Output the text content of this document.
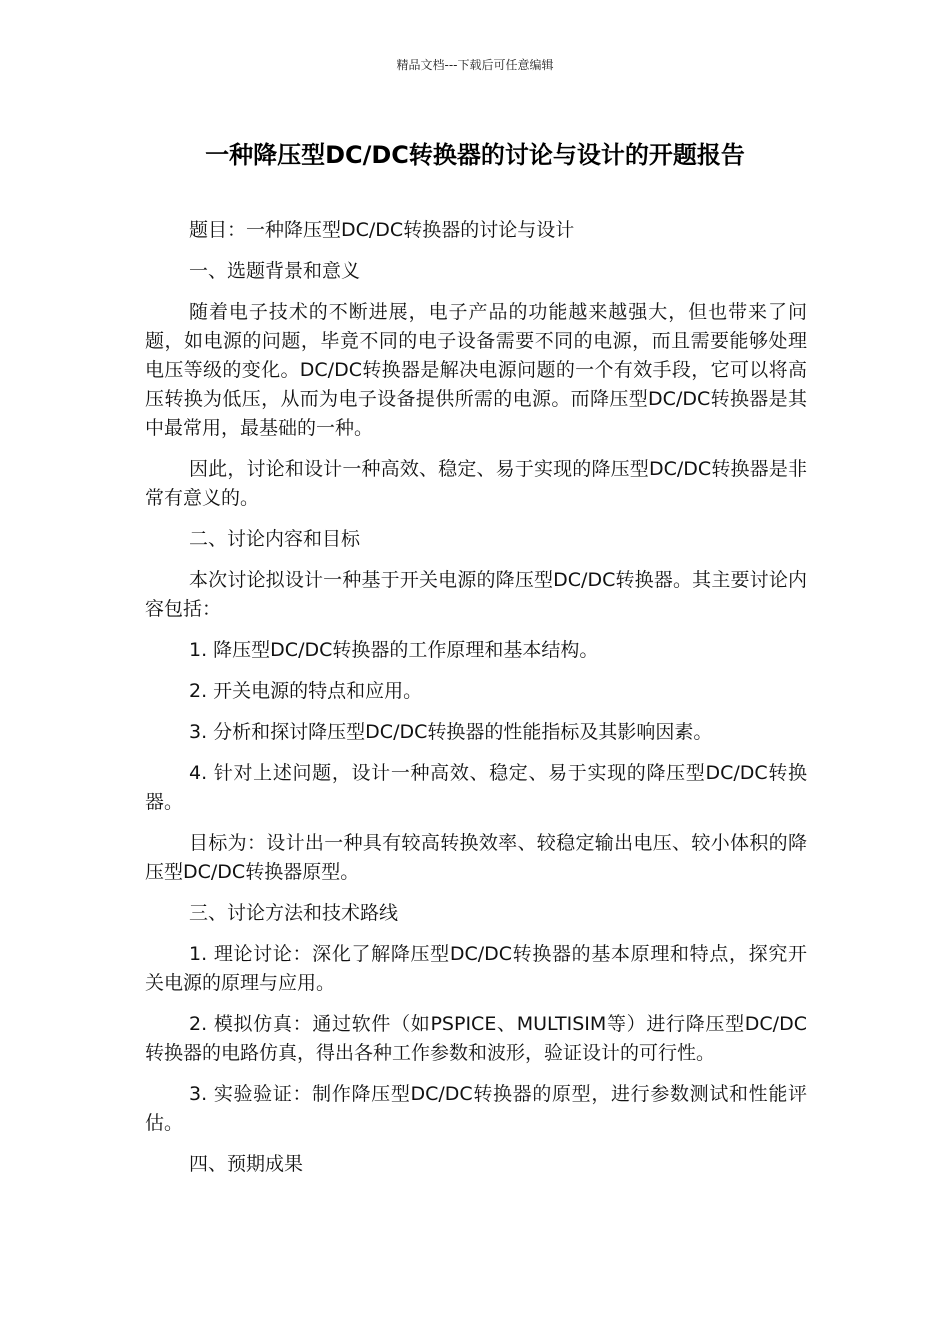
精品文档---下载后可任意编辑
一种降压型DC/DC转换器的讨论与设计的开题报告

题目：一种降压型DC/DC转换器的讨论与设计

一、选题背景和意义

随着电子技术的不断进展，电子产品的功能越来越强大，但也带来了问题，如电源的问题，毕竟不同的电子设备需要不同的电源，而且需要能够处理电压等级的变化。DC/DC转换器是解决电源问题的一个有效手段，它可以将高压转换为低压，从而为电子设备提供所需的电源。而降压型DC/DC转换器是其中最常用，最基础的一种。

因此，讨论和设计一种高效、稳定、易于实现的降压型DC/DC转换器是非常有意义的。

二、讨论内容和目标

本次讨论拟设计一种基于开关电源的降压型DC/DC转换器。其主要讨论内容包括：

1. 降压型DC/DC转换器的工作原理和基本结构。

2. 开关电源的特点和应用。

3. 分析和探讨降压型DC/DC转换器的性能指标及其影响因素。

4. 针对上述问题，设计一种高效、稳定、易于实现的降压型DC/DC转换器。

目标为：设计出一种具有较高转换效率、较稳定输出电压、较小体积的降压型DC/DC转换器原型。

三、讨论方法和技术路线

1. 理论讨论：深化了解降压型DC/DC转换器的基本原理和特点，探究开关电源的原理与应用。

2. 模拟仿真：通过软件（如PSPICE、MULTISIM等）进行降压型DC/DC转换器的电路仿真，得出各种工作参数和波形，验证设计的可行性。

3. 实验验证：制作降压型DC/DC转换器的原型，进行参数测试和性能评估。

四、预期成果
